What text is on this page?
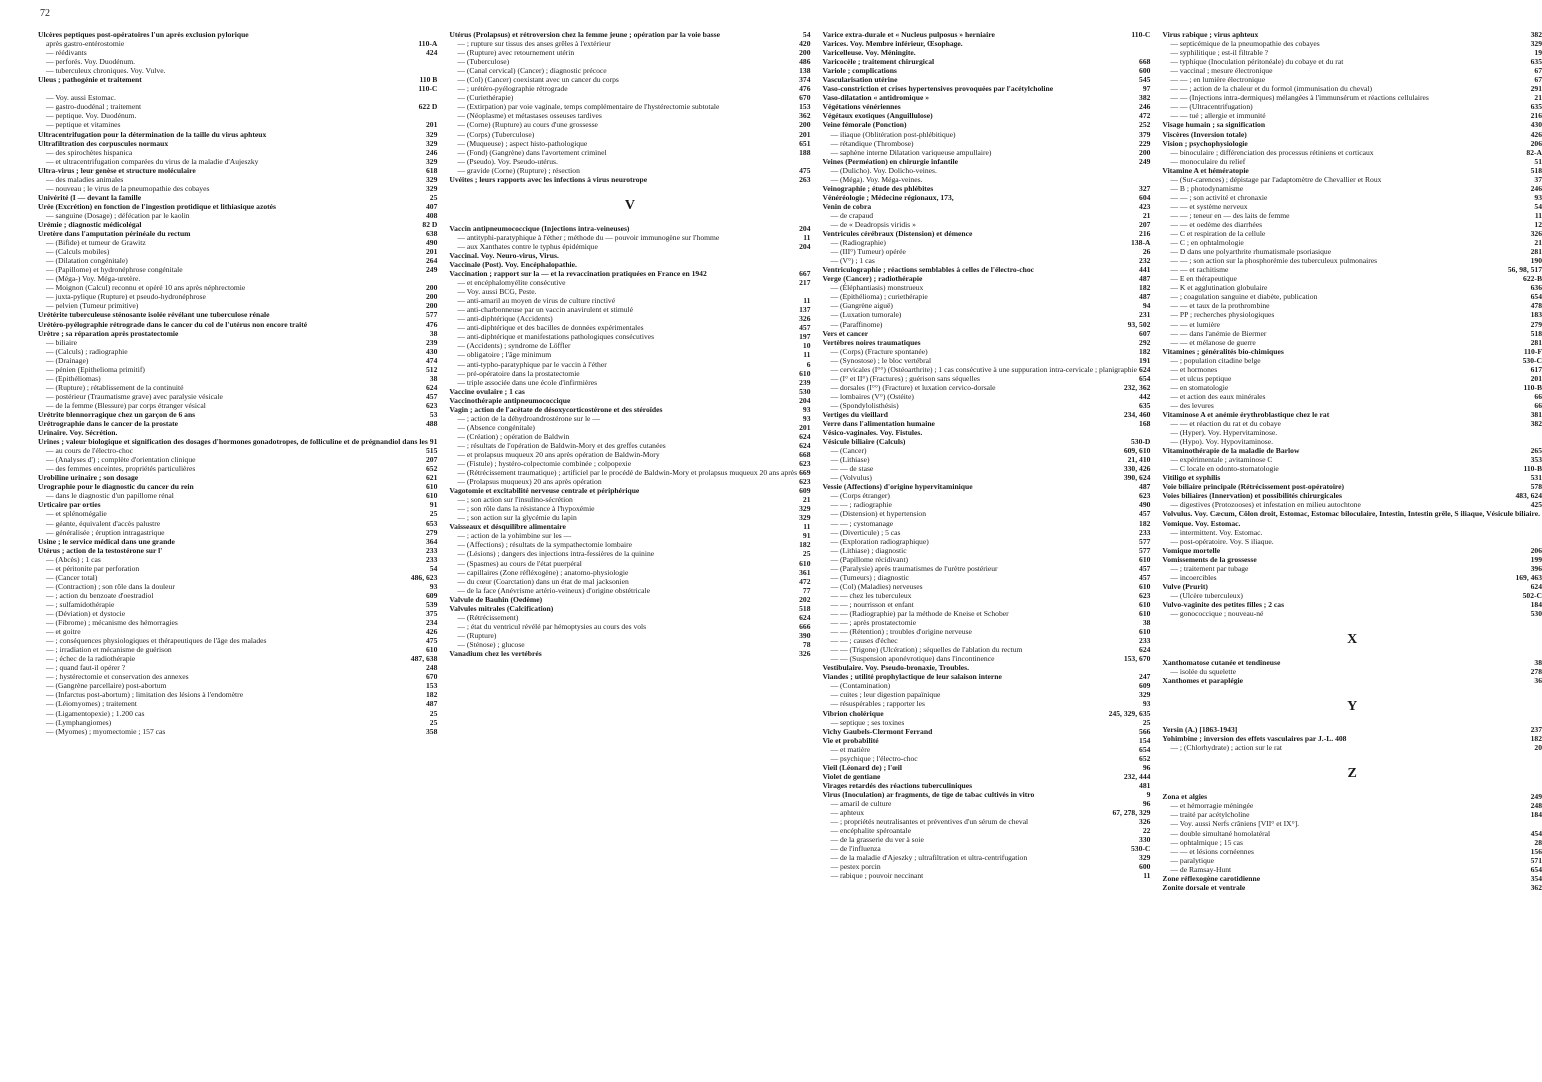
72
Ulcères peptiques post-opératoires l'un après exclusion pylorique
après gastro-entérostomie	110-A
— réédivants	424
— perforés. Voy. Duodénum.
— tuberculeux chroniques. Voy. Vulve.
Uleus ; pathogénie et traitement	110 B
110-C
— Voy. aussi Estomac.
— gastro-duodénal ; traitement	622 D
— peptique. Voy. Duodénum.
— peptique et vitamines	201
Ultracentrifugation pour la détermination de la taille du virus aphteux	329
Ultrafiltration des corpuscules normaux	329
— des spirochètes hispanica	246
— et ultracentrifugation comparées du virus de la maladie d'Aujeszky	329
Ultra-virus ; leur genèse et structure moléculaire	618
— des maladies animales	329
— nouveau ; le virus de la pneumopathie des cobayes	329
Univérité (I — devant la famille	25
Urée (Excrétion) en fonction de l'ingestion protidique et lithiasique azotés	407
— sanguine (Dosage) ; défécation par le kaolin	408
Urémie ; diagnostic médicolégal	82 D
Uretère dans l'amputation périnéale du rectum	638
— (Bifide) et tumeur de Grawitz	490
— (Calculs mobiles)	201
— (Dilatation congénitale)	264
— (Papillome) et hydronéphrose congénitale	249
— (Méga-) Voy. Méga-uretère.
— Moignon (Calcul) reconnu et opéré 10 ans après néphrectomie	200
— juxta-pylique (Rupture) et pseudo-hydronéphrose	200
— pelvien (Tumeur primitive)	200
Urétérite tuberculeuse sténosante isolée révélant une tuberculose rénale	577
Urétéro-pyélographie rétrograde dans le cancer du col de l'utérus non encore traité	476
Urètre ; sa réparation après prostatectomie	38
— biliaire	239
— (Calculs) ; radiographie	430
— (Drainage)	474
— pénien (Epithelioma primitif)	512
— (Epithéliomas)	38
— (Rupture) ; rétablissement de la continuité	624
— postérieur (Traumatisme grave) avec paralysie vésicale	457
— de la femme (Blessure) par corps étranger vésical	623
Urétrite blennorragique chez un garçon de 6 ans	53
Urétrographie dans le cancer de la prostate	488
Urinaire. Voy. Sécrétion.
Urines ; valeur biologique et signification des dosages d'hormones gonadotropes, de folliculine et de prégnandiol dans les 91
— au cours de l'électro-choc	515
— (Analyses d') ; complète d'orientation clinique	207
— des femmes enceintes, propriétés particulières	652
Urobiline urinaire ; son dosage	621
Urographie pour le diagnostic du cancer du rein	610
— dans le diagnostic d'un papillome rénal	610
Urticaire par orties	91
— et splénomégalie	25
— géante, équivalent d'accès palustre	653
— généralisée ; éruption intragastrique	279
Usine ; le service médical dans une grande	364
Utérus ; action de la testostérone sur l'	233
— (Abcès) ; 1 cas	233
— et péritonite par perforation	54
— (Cancer total)	486, 623
— (Contraction) ; son rôle dans la douleur	93
— ; action du benzoate d'oestradiol	609
— ; sulfamidothérapie	539
— (Déviation) et dystocie	375
— (Fibrome) ; mécanisme des hémorragies	234
— et goitre	426
— ; conséquences physiologiques et thérapeutiques de l'âge des malades	475
— ; irradiation et mécanisme de guérison	610
— ; échec de la radiothérapie	487, 638
— ; quand faut-il opérer ?	248
— ; hystérectomie et conservation des annexes	670
— (Gangrène parcellaire) post-abortum	153
— (Infarctus post-abortum) ; limitation des lésions à l'endomètre	182
— (Léiomyomes) ; traitement	487
— (Ligamentopexie) ; 1.200 cas	25
— (Lymphangiomes)	25
— (Myomes) ; myomectomie ; 157 cas	358
Utérus (Prolapsus) et rétroversion chez la femme jeune ; opération par la voie basse	54
— ; rupture sur tissus des anses grêles à l'extérieur	420
— (Rupture) avec retournement utérin	200
— (Tuberculose)	486
— (Canal cervical) (Cancer) ; diagnostic précoce	138
— (Col) (Cancer) coexistant avec un cancer du corps	374
— ; urétéro-pyélographie rétrograde	476
— (Curiethérapie)	670
— (Extirpation) par voie vaginale, temps complémentaire de l'hystérectomie subtotale	153
— (Néoplasme) et métastases osseuses tardives	362
— (Corne) (Rupture) au cours d'une grossesse	200
— (Corps) (Tuberculose)	201
— (Muqueuse) ; aspect histo-pathologique	651
— (Fond) (Gangrène) dans l'avortement criminel	188
— (Pseudo). Voy. Pseudo-utérus.
— gravide (Corne) (Rupture) ; résection	475
Uvéites ; leurs rapports avec les infections à virus neurotrope	263
V
Vaccin antipneumococcique (Injections intra-veineuses)	204
— antityphi-paratyphique à l'éther ; méthode du — pouvoir immunogène sur l'homme	11
— aux Xanthates contre le typhus épidémique	204
Vaccinal. Voy. Neuro-virus, Virus.
Vaccinale (Post). Voy. Encéphalopathie.
Vaccination ; rapport sur la — et la revaccination pratiquées en France en 1942	667
— et encéphalomyélite consécutive	217
— Voy. aussi BCG, Peste.
— anti-amaril au moyen de virus de culture rinctivé	11
— anti-charbonneuse par un vaccin anavirulent et stimulé	137
— anti-diphtérique (Accidents)	326
— anti-diphtérique et des bacilles de données expérimentales	457
— anti-diphtérique et manifestations pathologiques consécutives	197
— (Accidents) ; syndrome de Löffler	10
— obligatoire ; l'âge minimum	11
— anti-typho-paratyphique par le vaccin à l'éther	6
— pré-opératoire dans la prostatectomie	610
— triple associée dans une école d'infirmières	239
Vaccine ovulaire ; 1 cas	530
Vaccinothérapie antipneumococcique	204
Vagin ; action de l'acétate de désoxycorticostérone et des stéroïdes	93
— ; action de la déhydroandrostérone sur le —	93
— (Absence congénitale)	201
— (Création) ; opération de Baldwin	624
— ; résultats de l'opération de Baldwin-Mory et des greffes cutanées	624
— et prolapsus muqueux 20 ans après opération de Baldwin-Mory	668
— (Fistule) ; hystéro-colpectomie combinée ; colpopexie	623
— (Rétrécissement traumatique) ; artificiel par le procédé de Baldwin-Mory et prolapsus muqueux 20 ans après 669
— (Prolapsus muqueux) 20 ans après opération	623
Vagotomie et excitabilité nerveuse centrale et périphérique	609
— ; son action sur l'insulino-sécrétion	21
— ; son rôle dans la résistance à l'hypoxémie	329
— ; son action sur la glycémie du lapin	329
Vaisseaux et désquilibre alimentaire	11
— ; action de la yohimbine sur les —	91
— (Affections) ; résultats de la sympathectomie lombaire	182
— (Lésions) ; dangers des injections intra-fessières de la quinine	25
— (Spasmes) au cours de l'état puerpéral	610
— capillaires (Zone réfléxogène) ; anatomo-physiologie	361
— du cœur (Coarctation) dans un état de mal jacksonien	472
— de la face (Anévrisme artério-veineux) d'origine obstétricale	77
Valvule de Bauhin (Oedème)	202
Valvules mitrales (Calcification)	518
— (Rétrécissement)	624
— ; état du ventricul révélé par hémoptysies au cours des vols	666
— (Rupture)	390
— (Sténose) ; glucose	78
Vanadium chez les vertébrés	326
Varice extra-durale et « Nucleus pulposus » herniaire	110-C
Varices. Voy. Membre inférieur, Œsophage.
Varicelleuse. Voy. Méningite.
Varicocèle ; traitement chirurgical	668
Variole ; complications	600
Vascularisation utérine	545
Vaso-constriction et crises hypertensives provoquées par l'acétylcholine	97
Vaso-dilatation « antidromique »	382
Végétations vénériennes	246
Végétaux exotiques (Anguillulose)	472
Veine fémorale (Ponction)	252
— iliaque (Oblitération post-phlébitique)	379
— rétandique (Thrombose)	229
— saphène interne Dilatation variqueuse ampullaire)	200
Veines (Perméation) en chirurgie infantile	249
— (Dulicho). Voy. Dolicho-veines.
— (Méga). Voy. Méga-veines.
Veinographie ; étude des phlébites	327
Vénéréologie ; Médecine régionaux, 173,	604
Venin de cobra	423
— de crapaud	21
— de « Deadropsis viridis »	207
Ventricules cérébraux (Distension) et démence	216
— (Radiographie)	138-A
— (III°) Tumeur) opérée	26
— (V°) ; 1 cas	232
Ventriculographie ; réactions semblables à celles de l'électro-choc	441
Verge (Cancer) ; radiothérapie	487
— (Éléphantiasis) monstrueux	182
— (Epithélioma) ; curiethérapie	487
— (Gangrène aiguë)	94
— (Luxation tumorale)	231
— (Paraffinome)	93, 502
Vers et cancer	607
Vertèbres noires traumatiques	292
— (Corps) (Fracture spontanée)	182
— (Synostose) ; le bloc vertébral	191
— cervicales (I°°) (Ostéoarthrite) ; 1 cas consécutive à une suppuration intra-cervicale ; planigraphie 624
— (I° et II°) (Fractures) ; guérison sans séquelles	654
— dorsales (I°°) (Fracture) et luxation cervico-dorsale	232, 362
— lombaires (V°) (Ostéite)	442
— (Spondylolisthésis)	635
Vertiges du vieillard	234, 460
Verre dans l'alimentation humaine	168
Vésico-vaginales. Voy. Fistules.
Vésicule biliaire (Calculs)	530-D
— (Cancer)	609, 610
— (Lithiase)	21, 410
— — de stase	330, 426
— (Volvulus)	390, 624
Vessie (Affections) d'origine hypervitaminique	487
— (Corps étranger)	623
— — ; radiographie	490
— (Distension) et hypertension	457
— — ; cystomanage	182
— (Diverticule) ; 5 cas	233
— (Exploration radiographique)	577
— (Lithiase) ; diagnostic	577
— (Papillome récidivant)	610
— (Paralysie) après traumatismes de l'urètre postérieur	457
— (Tumeurs) ; diagnostic	457
— (Col) (Maladies) nerveuses	610
— — chez les tuberculeux	623
— — ; nourrisson et enfant	610
— — (Radiographie) par la méthode de Kneise et Schober	610
— — ; après prostatectomie	38
— — (Rétention) ; troubles d'origine nerveuse	610
— — ; causes d'échec	233
— — (Trigone) (Ulcération) ; séquelles de l'ablation du rectum	624
— — (Suspension aponévrotique) dans l'incontinence	153, 670
Vestibulaire. Voy. Pseudo-bronaxie, Troubles.
Viandes ; utilité prophylactique de leur salaison interne	247
— (Contamination)	609
— cuites ; leur digestion papaïnique	329
— résuspérables ; rapporter les	93
Vibrion cholérique	245, 329, 635
— septique ; ses toxines	25
Vichy Gaubels-Clermont Ferrand	566
Vie et probabilité	154
— et matière	654
— psychique ; l'électro-choc	652
Vieil (Léonard de) ; l'œil	96
Violet de gentiane	232, 444
Virages retardés des réactions tuberculiniques	481
Virus (Inoculation) ar fragments, de tige de tabac cultivés in vitro	9
— amaril de culture	96
— aphteux	67, 278, 329
— ; propriétés neutralisantes et préventives d'un sérum de cheval	326
— encéphalite spéroantale	22
— de la grasserie du ver à soie	330
— de l'influenza	530-C
— de la maladie d'Ajeszky ; ultrafiltration et ultra-centrifugation	329
— pestex porcin	600
— rabique ; pouvoir neccinant	11
Virus rabique ; virus aphteux	382
— septicémique de la pneumopathie des cobayes	329
— syphilitique ; est-il filtrable ?	19
— typhique (Inoculation péritonéale) du cobaye et du rat	635
— vaccinal ; mesure électronique	67
— — ; en lumière électronique	67
— — ; action de la chaleur et du formol (immunisation du cheval)	291
— — (Injections intra-dermiques) mélangées à l'immunsérum et réactions cellulaires	21
— — (Ultracentrifugation)	635
— — tué ; allergie et immunité	216
Visage humain ; sa signification	430
Viscères (Inversion totale)	426
Vision ; psychophysiologie	206
— binoculaire ; différenciation des processus rétiniens et corticaux	82-A
— monoculaire du relief	51
Vitamine A et hémératopie	518
— (Sur-carences) ; dépistage par l'adaptomètre de Chevallier et Roux	37
— B ; photodynamisme	246
— — ; son activité et chronaxie	93
— — et système nerveux	54
— — ; teneur en — des laits de femme	11
— — et oedème des diarrhées	12
— C et respiration de la cellule	326
— C ; en ophtalmologie	21
— D dans une polyarthrite rhumatismale psoriasique	281
— — ; son action sur la phosphorémie des tuberculeux pulmonaires	190
— — et rachitisme	56, 98, 517
— E en thérapeutique	622-B
— K et agglutination globulaire	636
— ; coagulation sanguine et diabète, publication	654
— — et taux de la prothrombine	478
— PP ; recherches physiologiques	183
— — et lumière	279
— — dans l'anémie de Biermer	518
— — et mélanose de guerre	281
Vitamines ; généralités bio-chimiques	110-F
— ; population citadine belge	530-C
— et hormones	617
— et ulcus peptique	201
— en stomatologie	110-B
— et action des eaux minérales	66
— des levures	66
Vitaminose A et anémie érythroblastique chez le rat	381
— — et réaction du rat et du cobaye	382
— (Hyper). Voy. Hypervitaminose.
— (Hypo). Voy. Hypovitaminose.
Vitaminothérapie de la maladie de Barlow	265
— expérimentale ; avitaminose C	353
— C locale en odonto-stomatologie	110-B
Vitiligo et syphilis	531
Voie biliaire principale (Rétrécissement post-opératoire)	578
Voies biliaires (Innervation) et possibilités chirurgicales	483, 624
— digestives (Protozooses) et infestation en milieu autochtone	425
Volvulus. Voy. Cæcum, Côlon droit, Estomac, Estomac biloculaire, Intestin, Intestin grêle, S iliaque, Vésicule biliaire.
Vomique. Voy. Estomac.
— intermittent. Voy. Estomac.
— post-opératoire. Voy. S iliaque.
Vomique mortelle	206
Vomissements de la grossesse	199
— ; traitement par tubage	396
— incoercibles	169, 463
Vulve (Prurit)	624
— (Ulcère tuberculeux)	502-C
Vulvo-vaginite des petites filles ; 2 cas	184
— gonococcique ; nouveau-né	530
X
Xanthomatose cutanée et tendineuse	38
— isolée du squelette	278
Xanthomes et paraplégie	36
Y
Yersin (A.) [1863-1943]	237
Yohimbine ; inversion des effets vasculaires par J.-L. 408	182
— ; (Chlorhydrate) ; action sur le rat	20
Z
Zona et algies	249
— et hémorragie méningée	248
— traité par acétylcholine	184
— Voy. aussi Nerfs crâniens [VII° et IX°].
— double simultané homolatéral	454
— ophtalmique ; 15 cas	28
— — et lésions cornéennes	156
— paralytique	571
— de Ramsay-Hunt	654
Zone réflexogène carotidienne	354
Zonite dorsale et ventrale	362
